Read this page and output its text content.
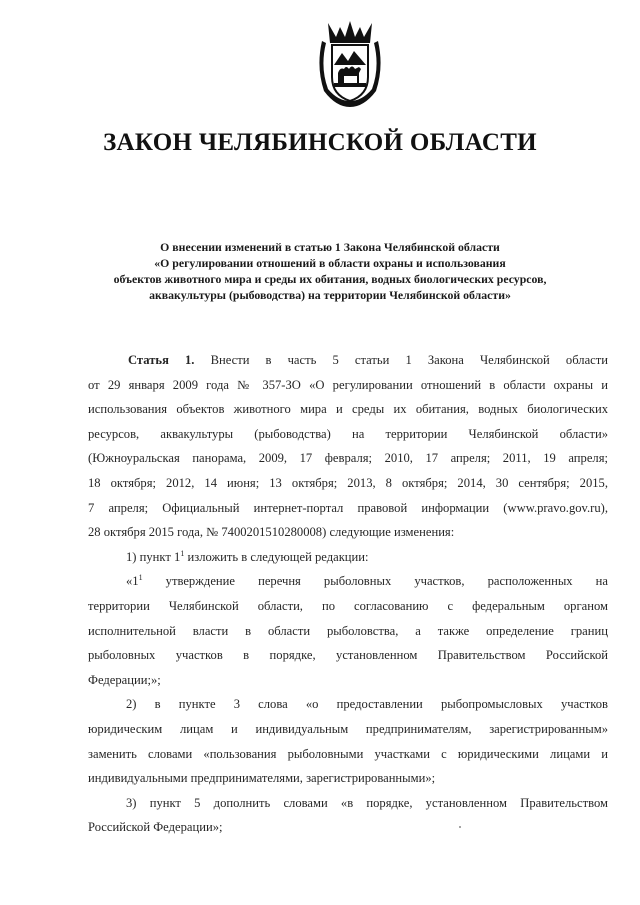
ЗАКОН ЧЕЛЯБИНСКОЙ ОБЛАСТИ
О внесении изменений в статью 1 Закона Челябинской области
«О регулировании отношений в области охраны и использования
объектов животного мира и среды их обитания, водных биологических ресурсов,
аквакультуры (рыбоводства) на территории Челябинской области»
Статья 1. Внести в часть 5 статьи 1 Закона Челябинской области
от 29 января 2009 года № 357-ЗО «О регулировании отношений в области охраны и
использования объектов животного мира и среды их обитания, водных биологических
ресурсов, аквакультуры (рыбоводства) на территории Челябинской области»
(Южноуральская панорама, 2009, 17 февраля; 2010, 17 апреля; 2011, 19 апреля;
18 октября; 2012, 14 июня; 13 октября; 2013, 8 октября; 2014, 30 сентября; 2015,
7 апреля; Официальный интернет-портал правовой информации (www.pravo.gov.ru),
28 октября 2015 года, № 7400201510280008) следующие изменения:
1) пункт $1^1$ изложить в следующей редакции:
«$1^1$ утверждение перечня рыболовных участков, расположенных на
территории Челябинской области, по согласованию с федеральным органом
исполнительной власти в области рыболовства, а также определение границ
рыболовных участков в порядке, установленном Правительством Российской
Федерации;»;
2) в пункте 3 слова «о предоставлении рыбопромысловых участков
юридическим лицам и индивидуальным предпринимателям, зарегистрированным»
заменить словами «пользования рыболовными участками с юридическими лицами и
индивидуальными предпринимателями, зарегистрированными»;
3) пункт 5 дополнить словами «в порядке, установленном Правительством
Российской Федерации»;
